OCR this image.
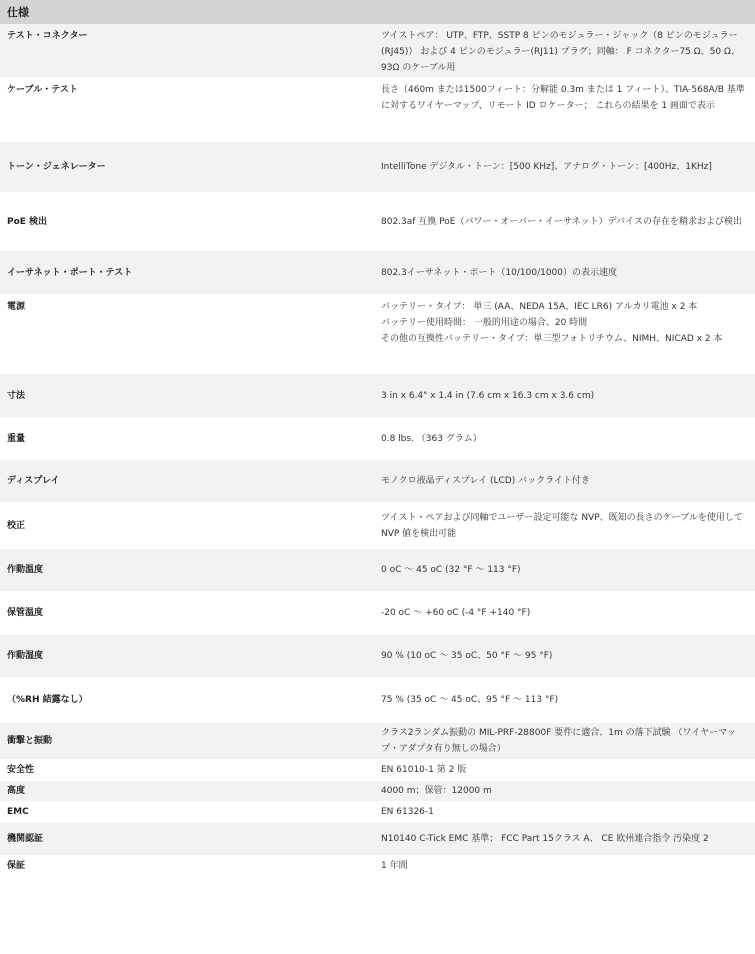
仕様	
テスト・コネクター	ツイストペア： UTP、FTP、SSTP 8 ピンのモジュラー・ジャック（8 ピンのモジュラー(RJ45)） および 4 ピンのモジュラー(RJ11) プラグ；同軸： F コネクター75 Ω、50 Ω、93Ω のケーブル用
ケーブル・テスト	長さ（460m または1500フィート：分解能 0.3m または 1 フィート）、TIA-568A/B 基準に対するワイヤーマップ、リモート ID ロケーター； これらの結果を 1 画面で表示
トーン・ジェネレーター	IntelliTone デジタル・トーン：[500 KHz]、アナログ・トーン：[400Hz、1KHz]
PoE 検出	802.3af 互換 PoE（パワー・オーバー・イーサネット）デバイスの存在を精求および検出
イーサネット・ポート・テスト	802.3イーサネット・ポート（10/100/1000）の表示速度
電源	バッテリー・タイプ： 単三 (AA、NEDA 15A、IEC LR6) アルカリ電池 x 2 本
バッテリー使用時間： 一般的用途の場合、20 時間
その他の互換性バッテリー・タイプ：単三型フォトリチウム、NIMH、NICAD x 2 本
寸法	3 in x 6.4" x 1.4 in (7.6 cm x 16.3 cm x 3.6 cm)
重量	0.8 lbs. （363 グラム）
ディスプレイ	モノクロ液晶ディスプレイ (LCD) バックライト付き
校正	ツイスト・ペアおよび同軸でユーザー設定可能な NVP、既知の長さのケーブルを使用して NVP 値を検出可能
作動温度	0 oC ～ 45 oC (32 °F ～ 113 °F)
保管温度	-20 oC ～ +60 oC (-4 °F +140 °F)
作動湿度	90 % (10 oC ～ 35 oC、50 °F ～ 95 °F)
（%RH 結露なし）	75 % (35 oC ～ 45 oC、95 °F ～ 113 °F)
衝撃と振動	クラス2ランダム振動の MIL-PRF-28800F 要件に適合、1m の落下試験 （ワイヤーマップ・アダプタ有り無しの場合）
安全性	EN 61010-1 第 2 版
高度	4000 m；保管：12000 m
EMC	EN 61326-1
機関認証	N10140 C-Tick EMC 基準； FCC Part 15クラス A、 CE 欧州連合指令 汚染度 2
保証	1 年間
